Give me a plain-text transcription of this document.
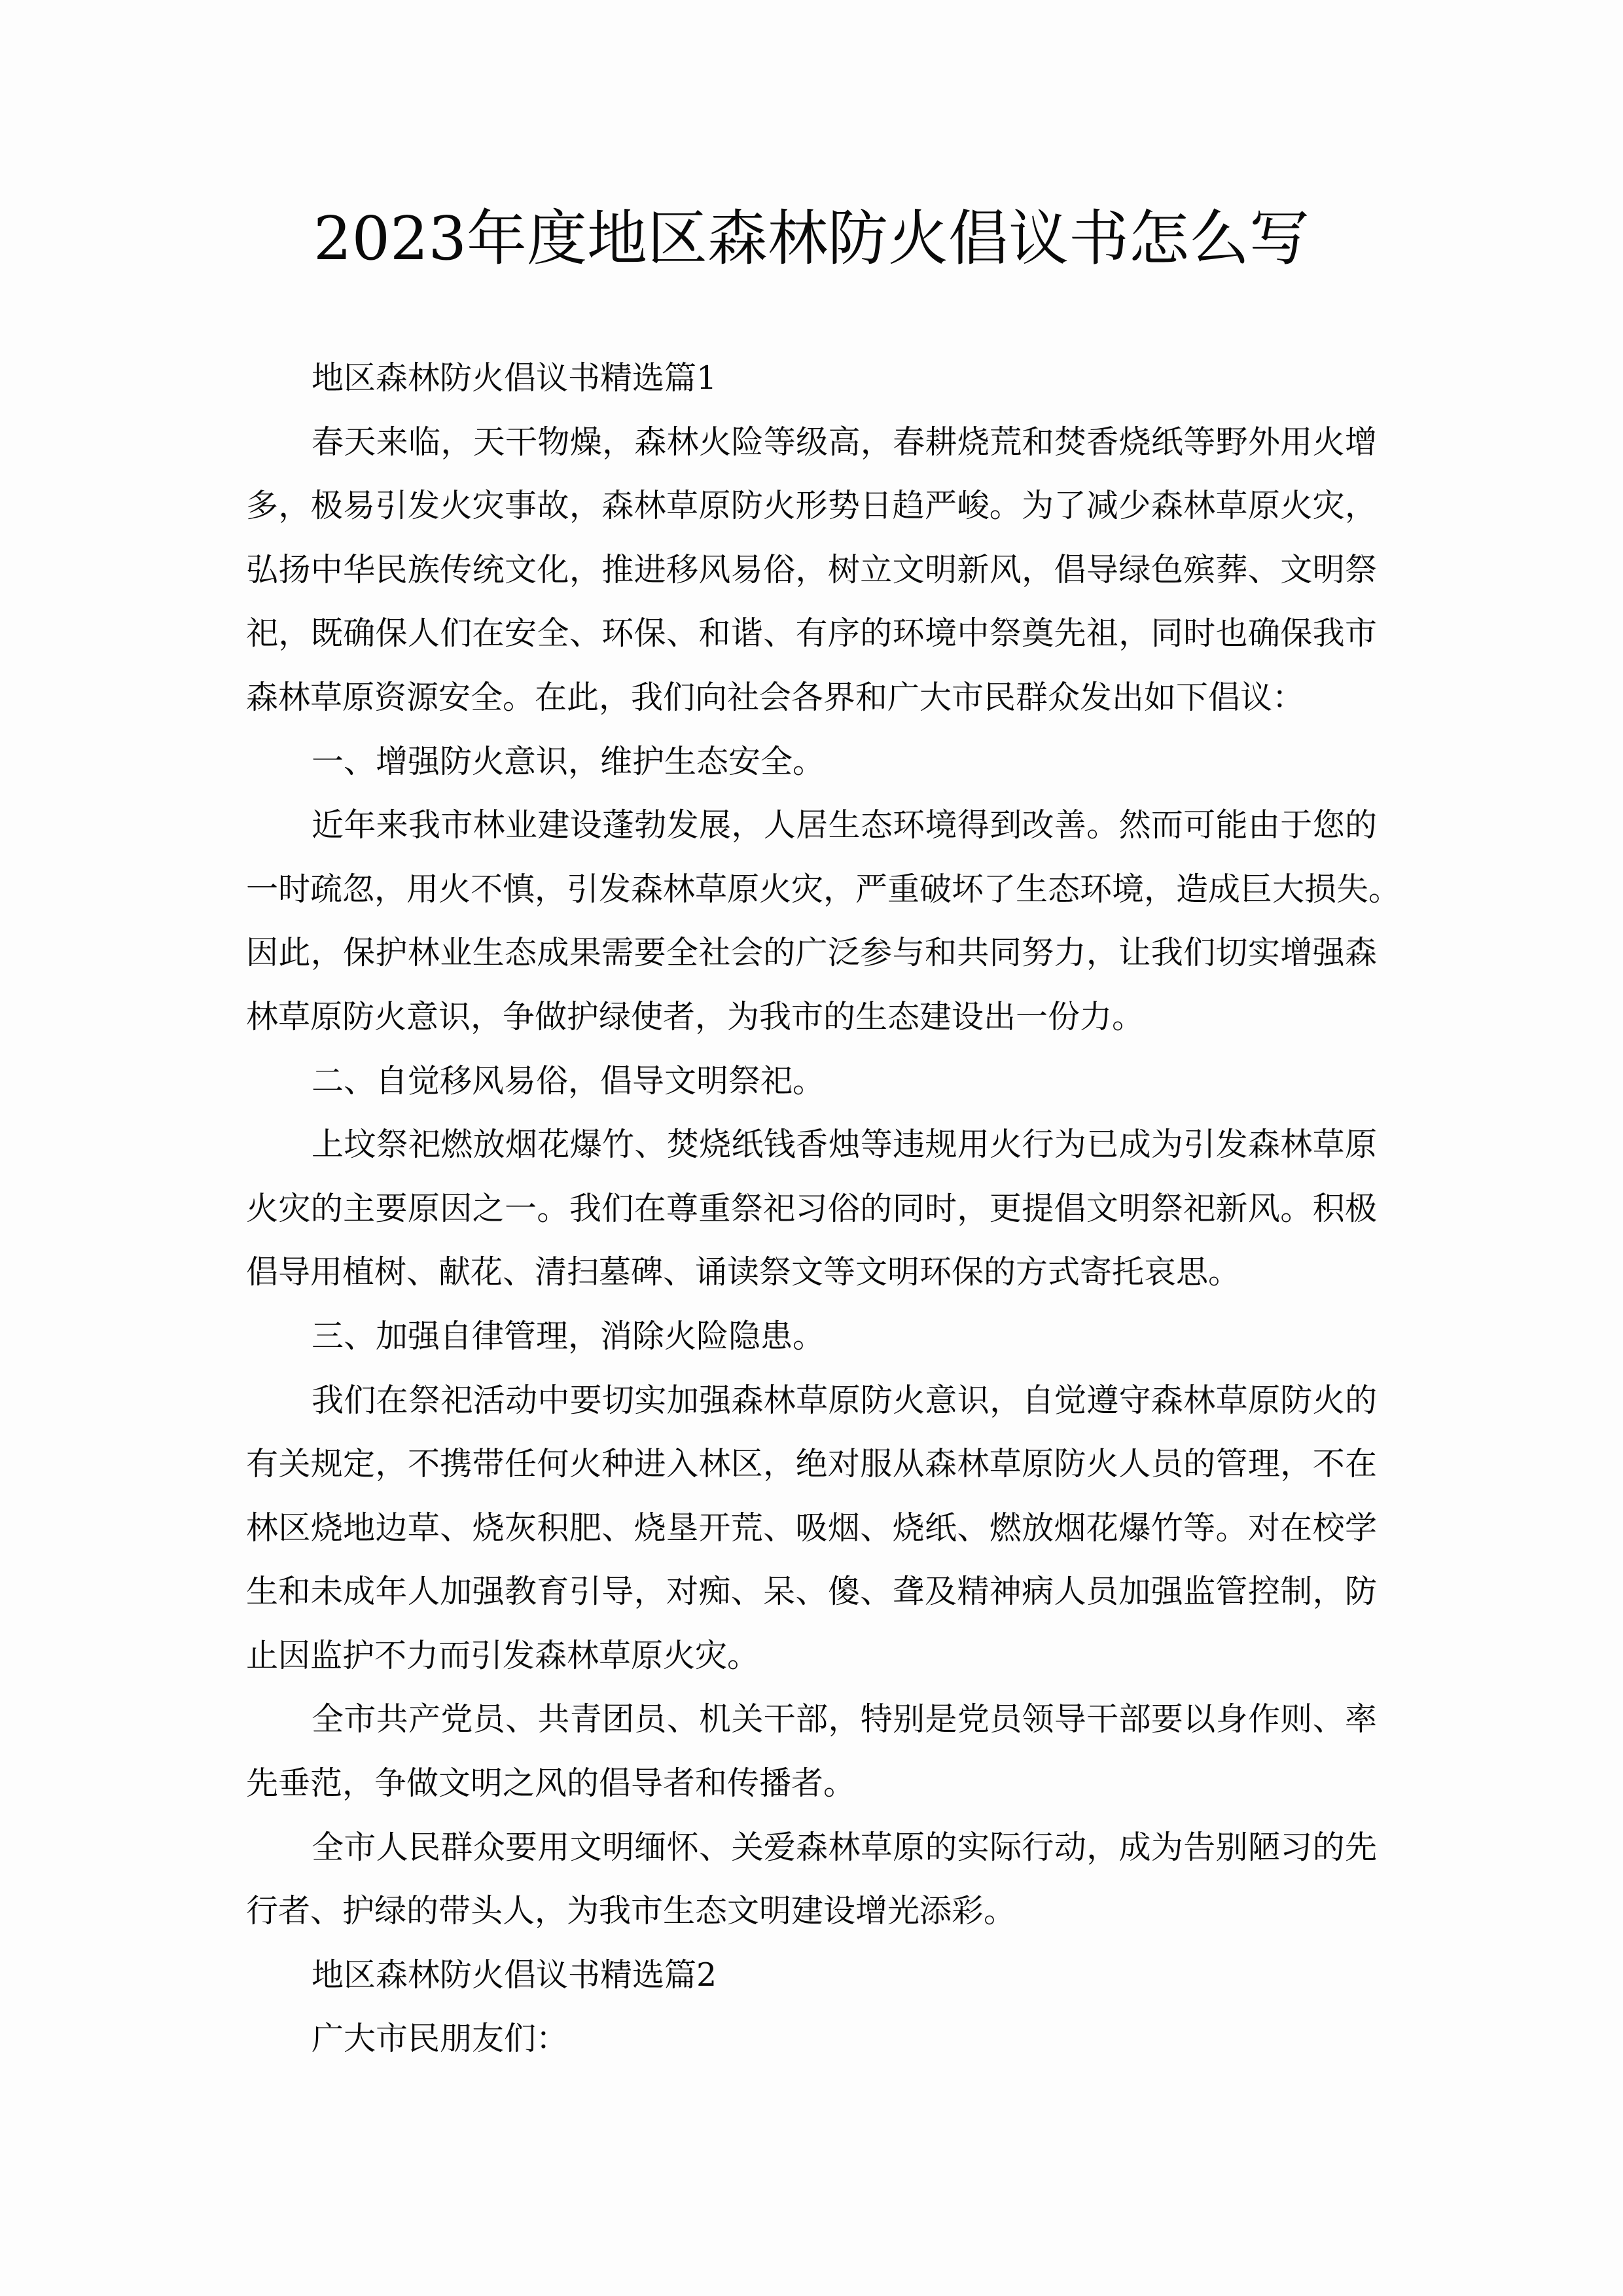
2023年度地区森林防火倡议书怎么写
地区森林防火倡议书精选篇1
春天来临，天干物燥，森林火险等级高，春耕烧荒和焚香烧纸等野外用火增
多，极易引发火灾事故，森林草原防火形势日趋严峻。为了减少森林草原火灾，
弘扬中华民族传统文化，推进移风易俗，树立文明新风，倡导绿色殡葬、文明祭
祀，既确保人们在安全、环保、和谐、有序的环境中祭奠先祖，同时也确保我市
森林草原资源安全。在此，我们向社会各界和广大市民群众发出如下倡议：
一、增强防火意识，维护生态安全。
近年来我市林业建设蓬勃发展，人居生态环境得到改善。然而可能由于您的
一时疏忽，用火不慎，引发森林草原火灾，严重破坏了生态环境，造成巨大损失。
因此，保护林业生态成果需要全社会的广泛参与和共同努力，让我们切实增强森
林草原防火意识，争做护绿使者，为我市的生态建设出一份力。
二、自觉移风易俗，倡导文明祭祀。
上坟祭祀燃放烟花爆竹、焚烧纸钱香烛等违规用火行为已成为引发森林草原
火灾的主要原因之一。我们在尊重祭祀习俗的同时，更提倡文明祭祀新风。积极
倡导用植树、献花、清扫墓碑、诵读祭文等文明环保的方式寄托哀思。
三、加强自律管理，消除火险隐患。
我们在祭祀活动中要切实加强森林草原防火意识，自觉遵守森林草原防火的
有关规定，不携带任何火种进入林区，绝对服从森林草原防火人员的管理，不在
林区烧地边草、烧灰积肥、烧垦开荒、吸烟、烧纸、燃放烟花爆竹等。对在校学
生和未成年人加强教育引导，对痴、呆、傻、聋及精神病人员加强监管控制，防
止因监护不力而引发森林草原火灾。
全市共产党员、共青团员、机关干部，特别是党员领导干部要以身作则、率
先垂范，争做文明之风的倡导者和传播者。
全市人民群众要用文明缅怀、关爱森林草原的实际行动，成为告别陋习的先
行者、护绿的带头人，为我市生态文明建设增光添彩。
地区森林防火倡议书精选篇2
广大市民朋友们：
